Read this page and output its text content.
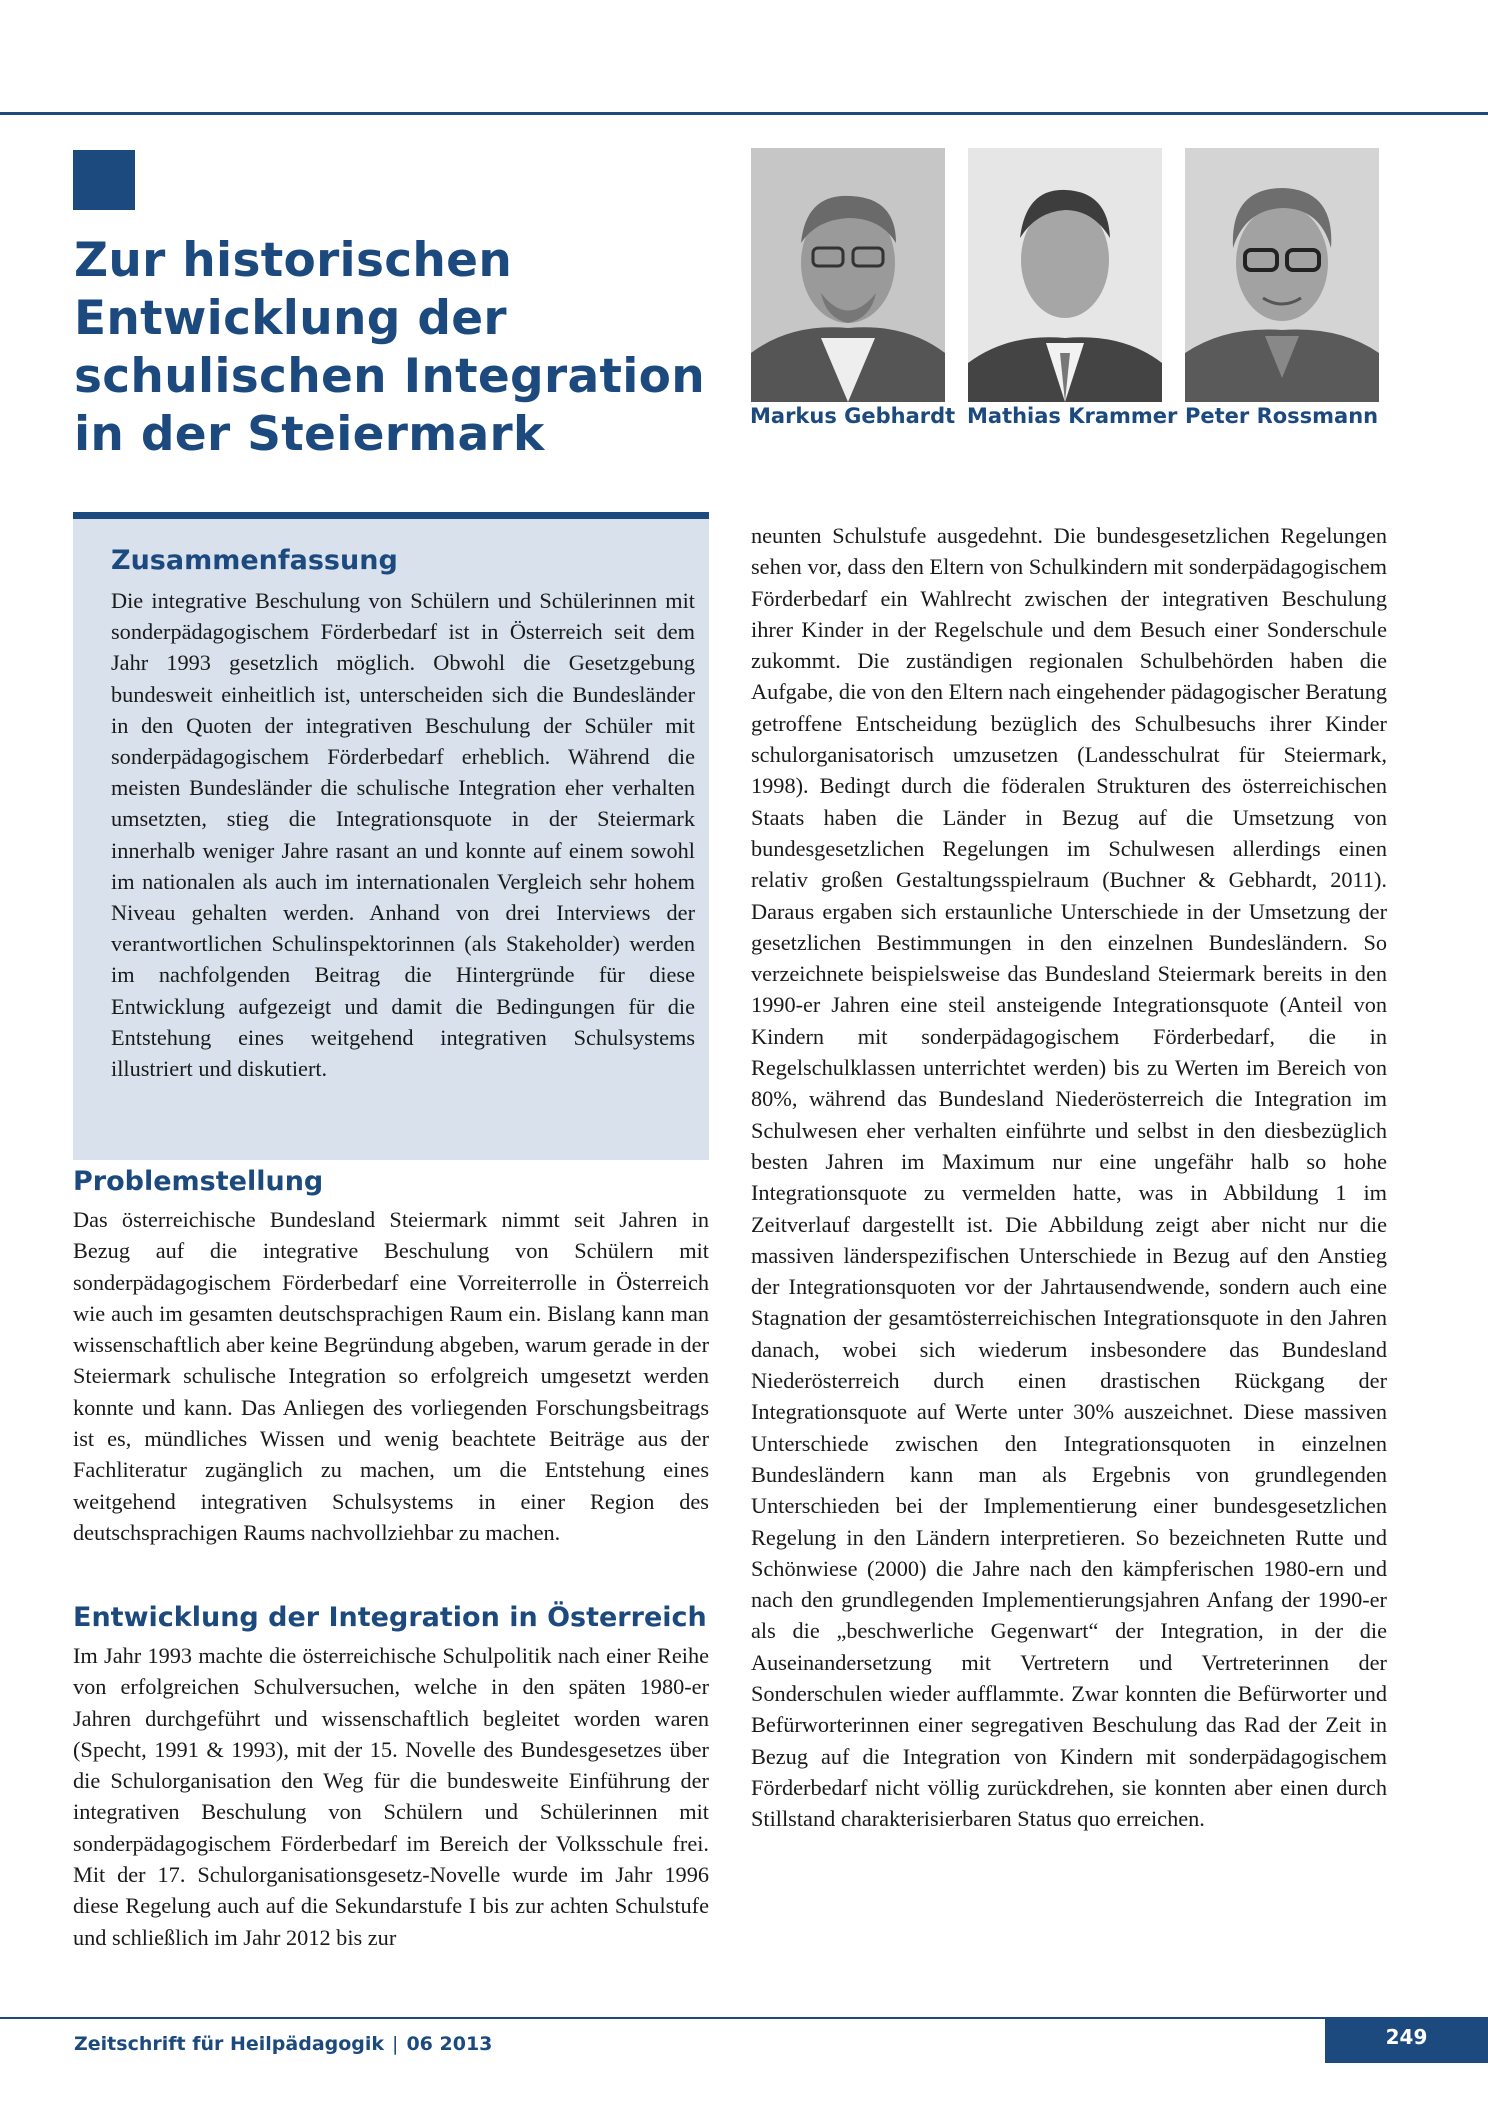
Zur historischen
Entwicklung der
schulischen Integration
in der Steiermark	Markus Gebhardt Mathias Krammer Peter Rossmann
Zusammenfassung

Die integrative Beschulung von Schülern und Schülerinnen mit sonderpädagogischem Förderbedarf ist in Österreich seit dem Jahr 1993 gesetzlich möglich. Obwohl die Gesetzgebung bundesweit einheitlich ist, unterscheiden sich die Bundesländer in den Quoten der integrativen Beschulung der Schüler mit sonderpädagogischem Förderbedarf erheblich. Während die meisten Bundesländer die schulische Integration eher verhalten umsetzten, stieg die Integrationsquote in der Steiermark innerhalb weniger Jahre rasant an und konnte auf einem sowohl im nationalen als auch im internationalen Vergleich sehr hohem Niveau gehalten werden. Anhand von drei Interviews der verantwortlichen Schulinspektorinnen (als Stakeholder) werden im nachfolgenden Beitrag die Hintergründe für diese Entwicklung aufgezeigt und damit die Bedingungen für die Entstehung eines weitgehend integrativen Schulsystems illustriert und diskutiert.

Problemstellung

Das österreichische Bundesland Steiermark nimmt seit Jahren in Bezug auf die integrative Beschulung von Schülern mit sonderpädagogischem Förderbedarf eine Vorreiterrolle in Österreich wie auch im gesamten deutschsprachigen Raum ein. Bislang kann man wissenschaftlich aber keine Begründung abgeben, warum gerade in der Steiermark schulische Integration so erfolgreich umgesetzt werden konnte und kann. Das Anliegen des vorliegenden Forschungsbeitrags ist es, mündliches Wissen und wenig beachtete Beiträge aus der Fachliteratur zugänglich zu machen, um die Entstehung eines weitgehend integrativen Schulsystems in einer Region des deutschsprachigen Raums nachvollziehbar zu machen.

Entwicklung der Integration in Österreich

Im Jahr 1993 machte die österreichische Schulpolitik nach einer Reihe von erfolgreichen Schulversuchen, welche in den späten 1980-er Jahren durchgeführt und wissenschaftlich begleitet worden waren (Specht, 1991 & 1993), mit der 15. Novelle des Bundesgesetzes über die Schulorganisation den Weg für die bundesweite Einführung der integrativen Beschulung von Schülern und Schülerinnen mit sonderpädagogischem Förderbedarf im Bereich der Volksschule frei. Mit der 17. Schulorganisationsgesetz-Novelle wurde im Jahr 1996 diese Regelung auch auf die Sekundarstufe I bis zur achten Schulstufe und schließlich im Jahr 2012 bis zur

neunten Schulstufe ausgedehnt. Die bundesgesetzlichen Regelungen sehen vor, dass den Eltern von Schulkindern mit sonderpädagogischem Förderbedarf ein Wahlrecht zwischen der integrativen Beschulung ihrer Kinder in der Regelschule und dem Besuch einer Sonderschule zukommt. Die zuständigen regionalen Schulbehörden haben die Aufgabe, die von den Eltern nach eingehender pädagogischer Beratung getroffene Entscheidung bezüglich des Schulbesuchs ihrer Kinder schulorganisatorisch umzusetzen (Landesschulrat für Steiermark, 1998). Bedingt durch die föderalen Strukturen des österreichischen Staats haben die Länder in Bezug auf die Umsetzung von bundesgesetzlichen Regelungen im Schulwesen allerdings einen relativ großen Gestaltungsspielraum (Buchner & Gebhardt, 2011). Daraus ergaben sich erstaunliche Unterschiede in der Umsetzung der gesetzlichen Bestimmungen in den einzelnen Bundesländern. So verzeichnete beispielsweise das Bundesland Steiermark bereits in den 1990-er Jahren eine steil ansteigende Integrationsquote (Anteil von Kindern mit sonderpädagogischem Förderbedarf, die in Regelschulklassen unterrichtet werden) bis zu Werten im Bereich von 80%, während das Bundesland Niederösterreich die Integration im Schulwesen eher verhalten einführte und selbst in den diesbezüglich besten Jahren im Maximum nur eine ungefähr halb so hohe Integrationsquote zu vermelden hatte, was in Abbildung 1 im Zeitverlauf dargestellt ist. Die Abbildung zeigt aber nicht nur die massiven länderspezifischen Unterschiede in Bezug auf den Anstieg der Integrationsquoten vor der Jahrtausendwende, sondern auch eine Stagnation der gesamtösterreichischen Integrationsquote in den Jahren danach, wobei sich wiederum insbesondere das Bundesland Niederösterreich durch einen drastischen Rückgang der Integrationsquote auf Werte unter 30% auszeichnet. Diese massiven Unterschiede zwischen den Integrationsquoten in einzelnen Bundesländern kann man als Ergebnis von grundlegenden Unterschieden bei der Implementierung einer bundesgesetzlichen Regelung in den Ländern interpretieren. So bezeichneten Rutte und Schönwiese (2000) die Jahre nach den kämpferischen 1980-ern und nach den grundlegenden Implementierungsjahren Anfang der 1990-er als die „beschwerliche Gegenwart“ der Integration, in der die Auseinandersetzung mit Vertretern und Vertreterinnen der Sonderschulen wieder aufflammte. Zwar konnten die Befürworter und Befürworterinnen einer segregativen Beschulung das Rad der Zeit in Bezug auf die Integration von Kindern mit sonderpädagogischem Förderbedarf nicht völlig zurückdrehen, sie konnten aber einen durch Stillstand charakterisierbaren Status quo erreichen.

Zeitschrift für Heilpädagogik | 06 2013	249
